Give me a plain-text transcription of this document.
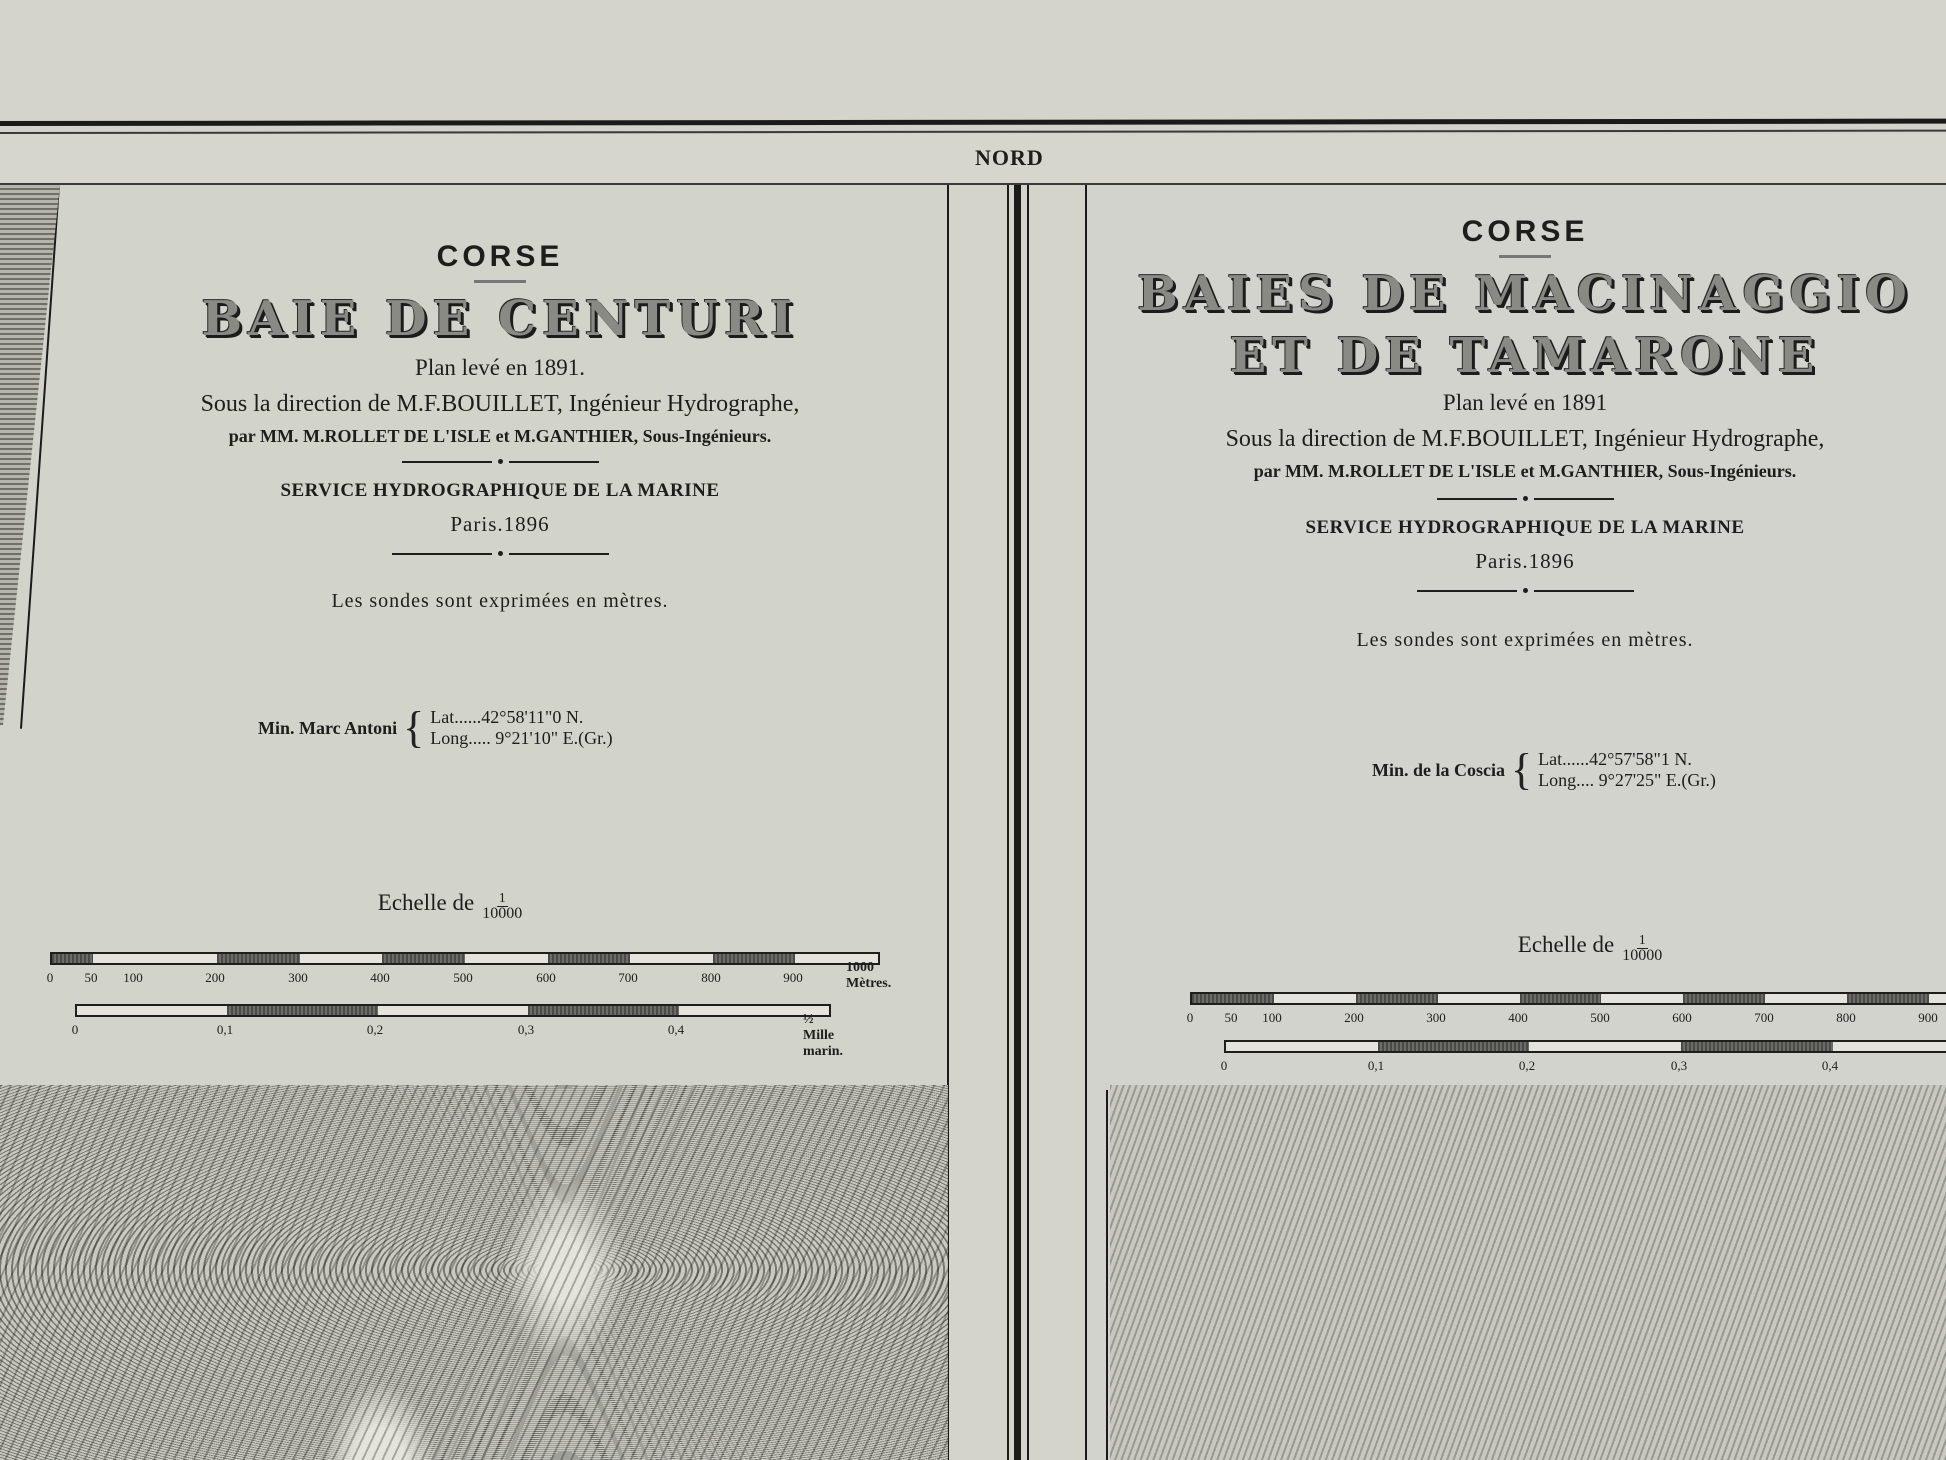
NORD
CORSE
BAIE DE CENTURI
Plan levé en 1891.
Sous la direction de M.F.BOUILLET, Ingénieur Hydrographe,
par MM. M.ROLLET DE L'ISLE et M.GANTHIER, Sous-Ingénieurs.
SERVICE HYDROGRAPHIQUE DE LA MARINE
Paris.1896
Les sondes sont exprimées en mètres.
Min. Marc Antoni { Lat......42°58'11"0 N.
Long..... 9°21'10" E.(Gr.)
Echelle de $\frac{1}{10000}$
0 50 100	200	300	400	500	600	700	800	900
1000 Mètres.
0	0,1	0,2	0,3	0,4
½ Mille marin.
CORSE
BAIES DE MACINAGGIO
ET DE TAMARONE
Plan levé en 1891
Sous la direction de M.F.BOUILLET, Ingénieur Hydrographe,
par MM. M.ROLLET DE L'ISLE et M.GANTHIER, Sous-Ingénieurs.
SERVICE HYDROGRAPHIQUE DE LA MARINE
Paris.1896
Les sondes sont exprimées en mètres.
Min. de la Coscia { Lat......42°57'58"1 N.
Long.... 9°27'25" E.(Gr.)
Echelle de $\frac{1}{10000}$
0 50 100	200	300	400	500	600	700	800	900
0	0,1	0,2	0,3	0,4
